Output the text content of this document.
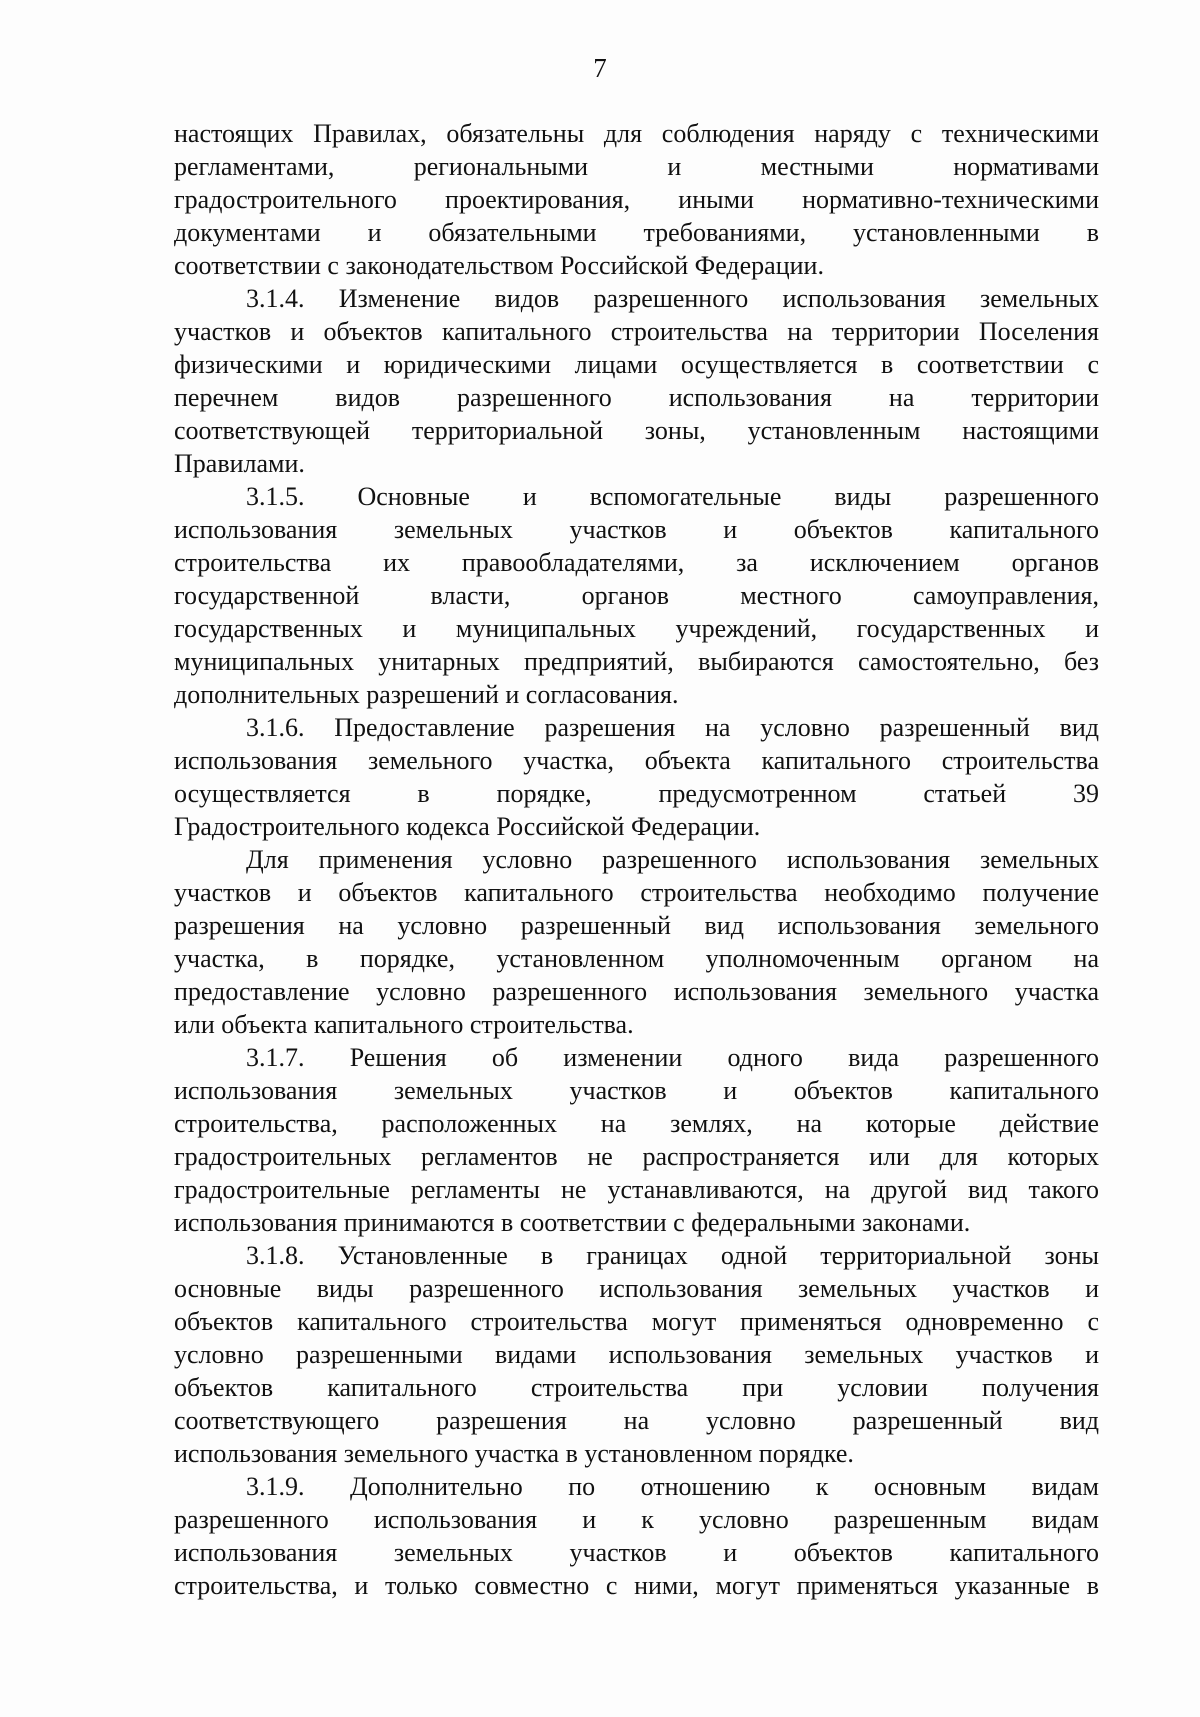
7
настоящих Правилах, обязательны для соблюдения наряду с техническими
регламентами, региональными и местными нормативами
градостроительного проектирования, иными нормативно-техническими
документами и обязательными требованиями, установленными в
соответствии с законодательством Российской Федерации.
3.1.4. Изменение видов разрешенного использования земельных
участков и объектов капитального строительства на территории Поселения
физическими и юридическими лицами осуществляется в соответствии с
перечнем видов разрешенного использования на территории
соответствующей территориальной зоны, установленным настоящими
Правилами.
3.1.5. Основные и вспомогательные виды разрешенного
использования земельных участков и объектов капитального
строительства их правообладателями, за исключением органов
государственной власти, органов местного самоуправления,
государственных и муниципальных учреждений, государственных и
муниципальных унитарных предприятий, выбираются самостоятельно, без
дополнительных разрешений и согласования.
3.1.6. Предоставление разрешения на условно разрешенный вид
использования земельного участка, объекта капитального строительства
осуществляется в порядке, предусмотренном статьей 39
Градостроительного кодекса Российской Федерации.
Для применения условно разрешенного использования земельных
участков и объектов капитального строительства необходимо получение
разрешения на условно разрешенный вид использования земельного
участка, в порядке, установленном уполномоченным органом на
предоставление условно разрешенного использования земельного участка
или объекта капитального строительства.
3.1.7. Решения об изменении одного вида разрешенного
использования земельных участков и объектов капитального
строительства, расположенных на землях, на которые действие
градостроительных регламентов не распространяется или для которых
градостроительные регламенты не устанавливаются, на другой вид такого
использования принимаются в соответствии с федеральными законами.
3.1.8. Установленные в границах одной территориальной зоны
основные виды разрешенного использования земельных участков и
объектов капитального строительства могут применяться одновременно с
условно разрешенными видами использования земельных участков и
объектов капитального строительства при условии получения
соответствующего разрешения на условно разрешенный вид
использования земельного участка в установленном порядке.
3.1.9. Дополнительно по отношению к основным видам
разрешенного использования и к условно разрешенным видам
использования земельных участков и объектов капитального
строительства, и только совместно с ними, могут применяться указанные в
